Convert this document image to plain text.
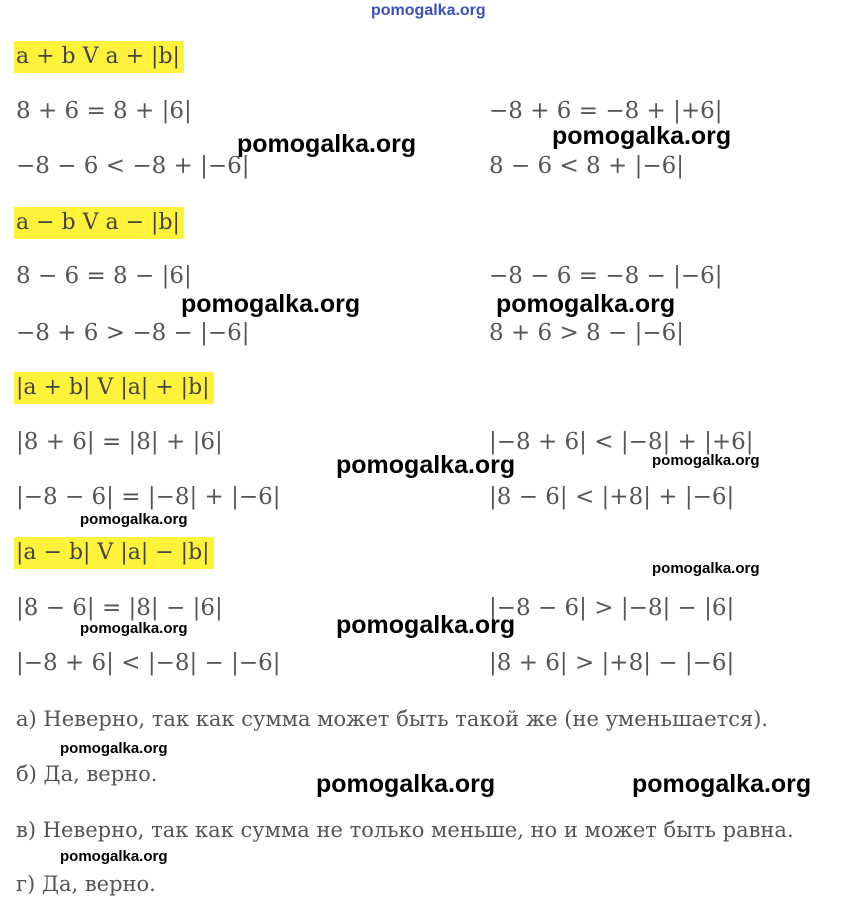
pomogalka.org
a + b V a + |b|
8 + 6 = 8 + |6|
−8 − 6 < −8 + |−6|
−8 + 6 = −8 + |+6|
8 − 6 < 8 + |−6|
a − b V a − |b|
8 − 6 = 8 − |6|
−8 + 6 > −8 − |−6|
−8 − 6 = −8 − |−6|
8 + 6 > 8 − |−6|
|a + b| V |a| + |b|
|8 + 6| = |8| + |6|
|−8 − 6| = |−8| + |−6|
|−8 + 6| < |−8| + |+6|
|8 − 6| < |+8| + |−6|
|a − b| V |a| − |b|
|8 − 6| = |8| − |6|
|−8 + 6| < |−8| − |−6|
|−8 − 6| > |−8| − |6|
|8 + 6| > |+8| − |−6|
а) Неверно, так как сумма может быть такой же (не уменьшается).
б) Да, верно.
в) Неверно, так как сумма не только меньше, но и может быть равна.
г) Да, верно.
pomogalka.org	pomogalka.org
pomogalka.org	pomogalka.org
pomogalka.org	pomogalka.org
pomogalka.org
pomogalka.org
pomogalka.org	pomogalka.org
pomogalka.org
pomogalka.org	pomogalka.org
pomogalka.org
